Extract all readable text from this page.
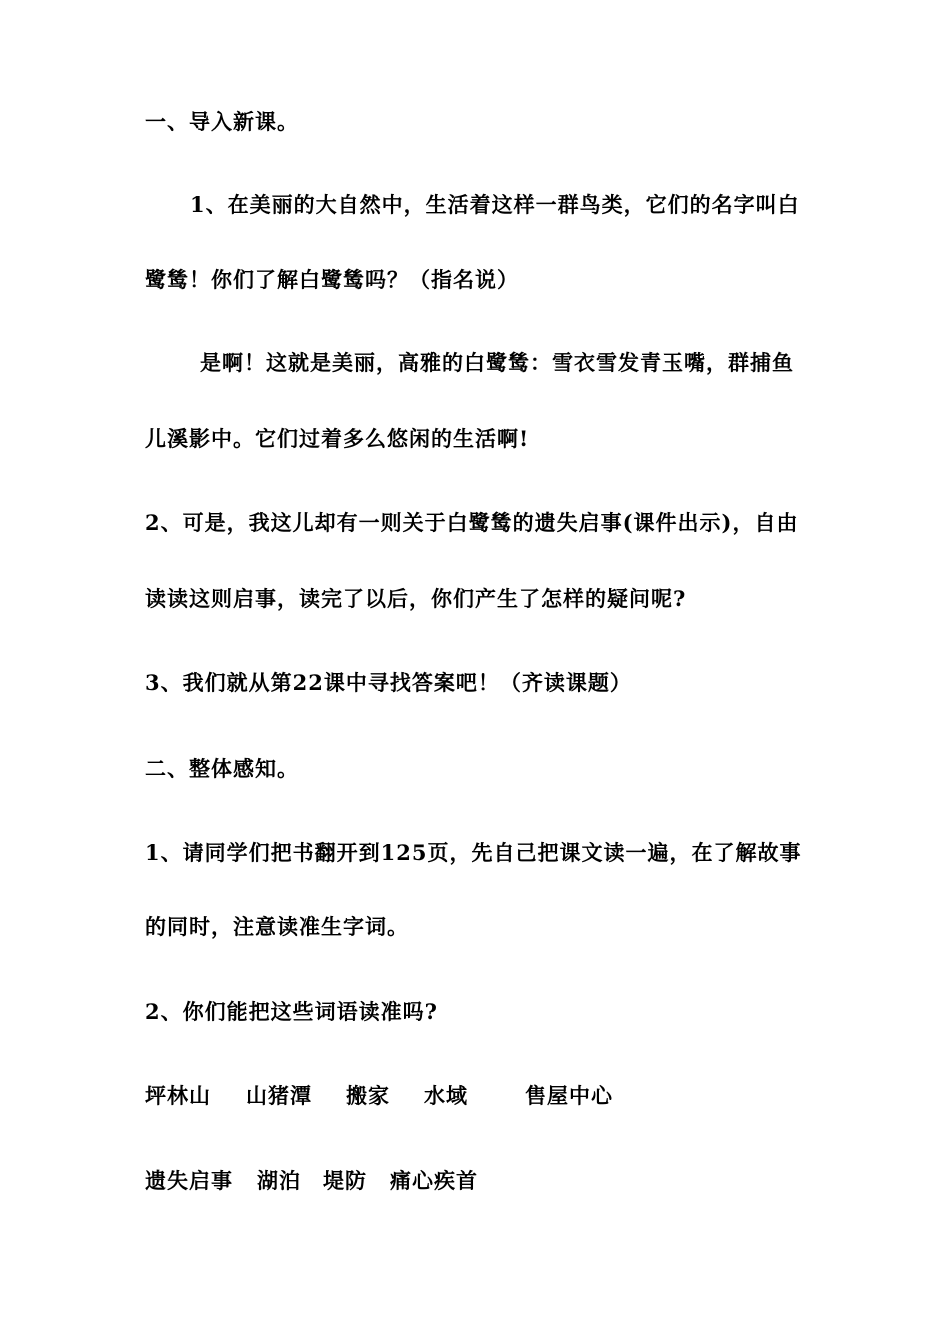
一、导入新课。
1、在美丽的大自然中，生活着这样一群鸟类，它们的名字叫白
鹭鸶！你们了解白鹭鸶吗？（指名说）
是啊！这就是美丽，高雅的白鹭鸶：雪衣雪发青玉嘴，群捕鱼
儿溪影中。它们过着多么悠闲的生活啊!
2、可是，我这儿却有一则关于白鹭鸶的遗失启事(课件出示)，自由
读读这则启事，读完了以后，你们产生了怎样的疑问呢?
3、我们就从第22课中寻找答案吧！（齐读课题）
二、整体感知。
1、请同学们把书翻开到125页，先自己把课文读一遍，在了解故事
的同时，注意读准生字词。
2、你们能把这些词语读准吗?
坪林山 山猪潭 搬家 水域	售屋中心
遗失启事 湖泊 堤防 痛心疾首
